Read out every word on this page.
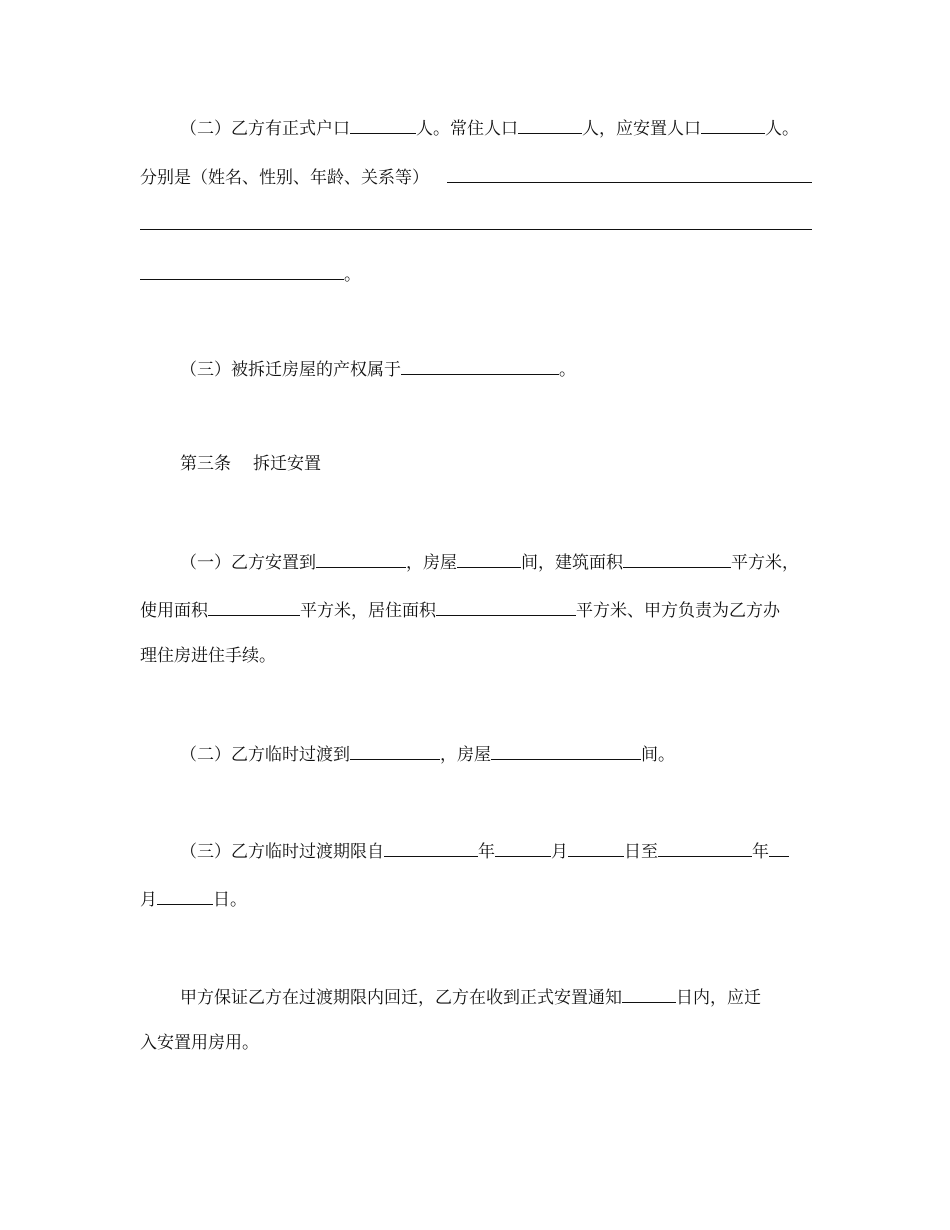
（二）乙方有正式户口	人。常住人口	人，应安置人口	人。
分别是（姓名、性别、年龄、关系等）
。
（三）被拆迁房屋的产权属于	。
第三条 拆迁安置
（一）乙方安置到	，房屋	间，建筑面积	平方米，
使用面积	平方米，居住面积	平方米、甲方负责为乙方办
理住房进住手续。
（二）乙方临时过渡到	，房屋	间。
（三）乙方临时过渡期限自	年	月	日至	年
月	日。
甲方保证乙方在过渡期限内回迁，乙方在收到正式安置通知	日内，应迁
入安置用房用。
